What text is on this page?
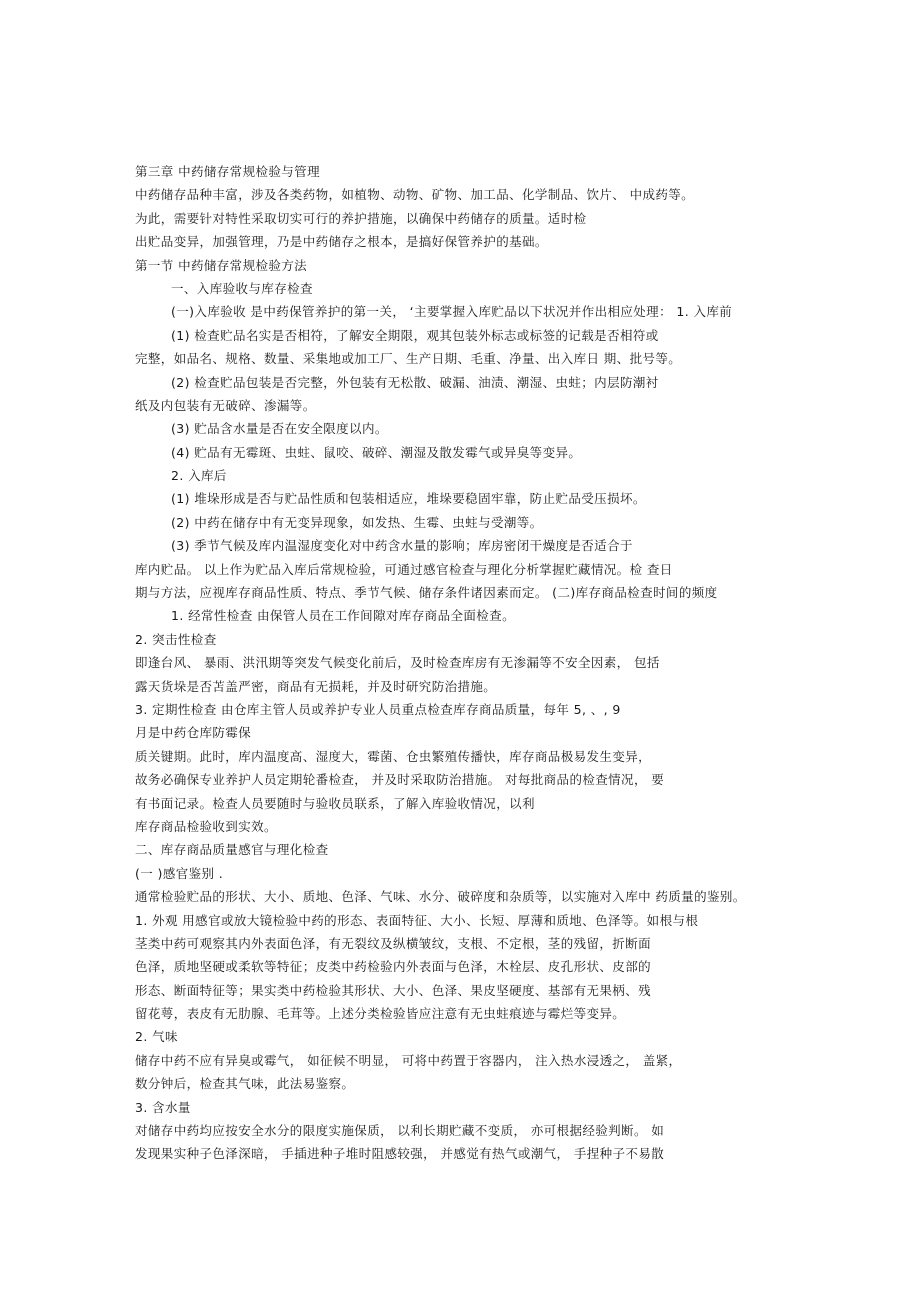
第三章 中药储存常规检验与管理
中药储存品种丰富，涉及各类药物，如植物、动物、矿物、加工品、化学制品、饮片、 中成药等。
为此，需要针对特性采取切实可行的养护措施，以确保中药储存的质量。适时检
出贮品变异，加强管理，乃是中药储存之根本，是搞好保管养护的基础。
第一节 中药储存常规检验方法
一、入库验收与库存检查
(一)入库验收 是中药保管养护的第一关， ‘主要掌握入库贮品以下状况并作出相应处理： 1. 入库前
(1) 检查贮品名实是否相符，了解安全期限，观其包装外标志或标签的记载是否相符或
完整，如品名、规格、数量、采集地或加工厂、生产日期、毛重、净量、出入库日 期、批号等。
(2) 检查贮品包装是否完整，外包装有无松散、破漏、油渍、潮湿、虫蛀；内层防潮衬
纸及内包装有无破碎、渗漏等。
(3) 贮品含水量是否在安全限度以内。
(4) 贮品有无霉斑、虫蛀、鼠咬、破碎、潮湿及散发霉气或异臭等变异。
2. 入库后
(1) 堆垛形成是否与贮品性质和包装相适应，堆垛要稳固牢靠，防止贮品受压损坏。
(2) 中药在储存中有无变异现象，如发热、生霉、虫蛀与受潮等。
(3) 季节气候及库内温湿度变化对中药含水量的影响；库房密闭干燥度是否适合于
库内贮品。 以上作为贮品入库后常规检验，可通过感官检查与理化分析掌握贮藏情况。检 查日
期与方法，应视库存商品性质、特点、季节气候、储存条件诸因素而定。 (二)库存商品检查时间的频度
1. 经常性检查 由保管人员在工作间隙对库存商品全面检查。
2. 突击性检查
即逢台风、 暴雨、洪汛期等突发气候变化前后，及时检查库房有无渗漏等不安全因素， 包括
露天货垛是否苫盖严密，商品有无损耗，并及时研究防治措施。
3. 定期性检查 由仓库主管人员或养护专业人员重点检查库存商品质量，每年 5, 、, 9
月是中药仓库防霉保
质关键期。此时，库内温度高、湿度大，霉菌、仓虫繁殖传播快，库存商品极易发生变异，
故务必确保专业养护人员定期轮番检查， 并及时采取防治措施。 对每批商品的检查情况， 要
有书面记录。检查人员要随时与验收员联系，了解入库验收情况，以利
库存商品检验收到实效。
二、库存商品质量感官与理化检查
(一 )感官鉴别 .
通常检验贮品的形状、大小、质地、色泽、气味、水分、破碎度和杂质等，以实施对入库中 药质量的鉴别。
1. 外观 用感官或放大镜检验中药的形态、表面特征、大小、长短、厚薄和质地、色泽等。如根与根
茎类中药可观察其内外表面色泽，有无裂纹及纵横皱纹，支根、不定根，茎的残留，折断面
色泽，质地坚硬或柔软等特征；皮类中药检验内外表面与色泽，木栓层、皮孔形状、皮部的
形态、断面特征等；果实类中药检验其形状、大小、色泽、果皮坚硬度、基部有无果柄、残
留花萼，表皮有无肋腺、毛茸等。上述分类检验皆应注意有无虫蛀痕迹与霉烂等变异。
2. 气味
储存中药不应有异臭或霉气， 如征候不明显， 可将中药置于容器内， 注入热水浸透之， 盖紧，
数分钟后，检查其气味，此法易鉴察。
3. 含水量
对储存中药均应按安全水分的限度实施保质， 以利长期贮藏不变质， 亦可根据经验判断。 如
发现果实种子色泽深暗， 手插进种子堆时阻感较强， 并感觉有热气或潮气， 手捏种子不易散
